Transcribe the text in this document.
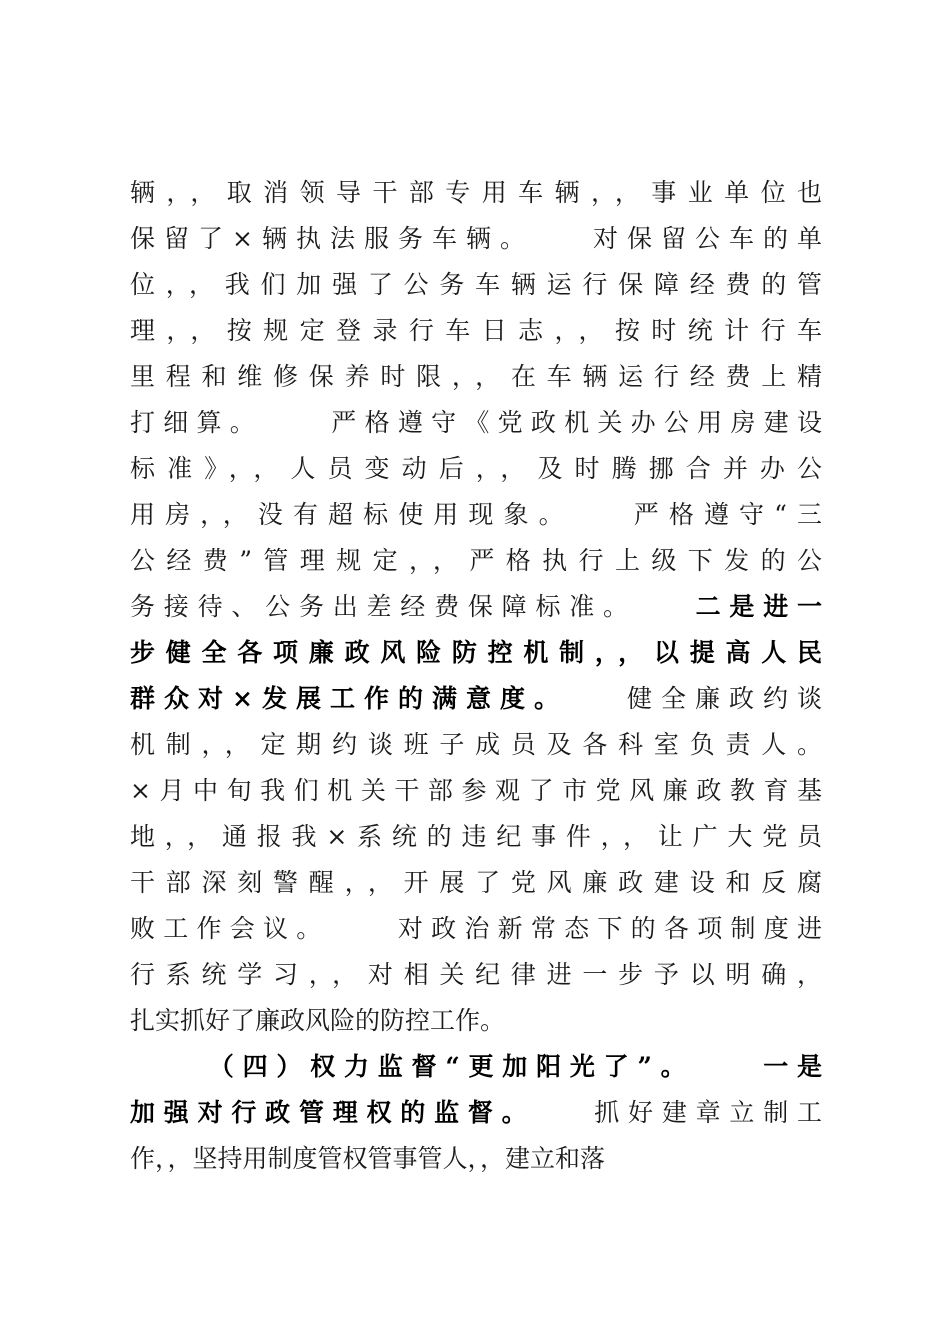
辆，，取消领导干部专用车辆，，事业单位也
保留了×辆执法服务车辆。 对保留公车的单
位，，我们加强了公务车辆运行保障经费的管
理，，按规定登录行车日志，，按时统计行车
里程和维修保养时限，，在车辆运行经费上精
打细算。 严格遵守《党政机关办公用房建设
标准》，，人员变动后，，及时腾挪合并办公
用房，，没有超标使用现象。 严格遵守“三
公经费”管理规定，，严格执行上级下发的公
务接待、公务出差经费保障标准。 二是进一
步健全各项廉政风险防控机制，，以提高人民
群众对×发展工作的满意度。 健全廉政约谈
机制，，定期约谈班子成员及各科室负责人。
×月中旬我们机关干部参观了市党风廉政教育基
地，，通报我×系统的违纪事件，，让广大党员
干部深刻警醒，，开展了党风廉政建设和反腐
败工作会议。 对政治新常态下的各项制度进
行系统学习，，对相关纪律进一步予以明确，
扎实抓好了廉政风险的防控工作。
（四）权力监督“更加阳光了”。 一是
加强对行政管理权的监督。 抓好建章立制工
作，，坚持用制度管权管事管人，，建立和落
